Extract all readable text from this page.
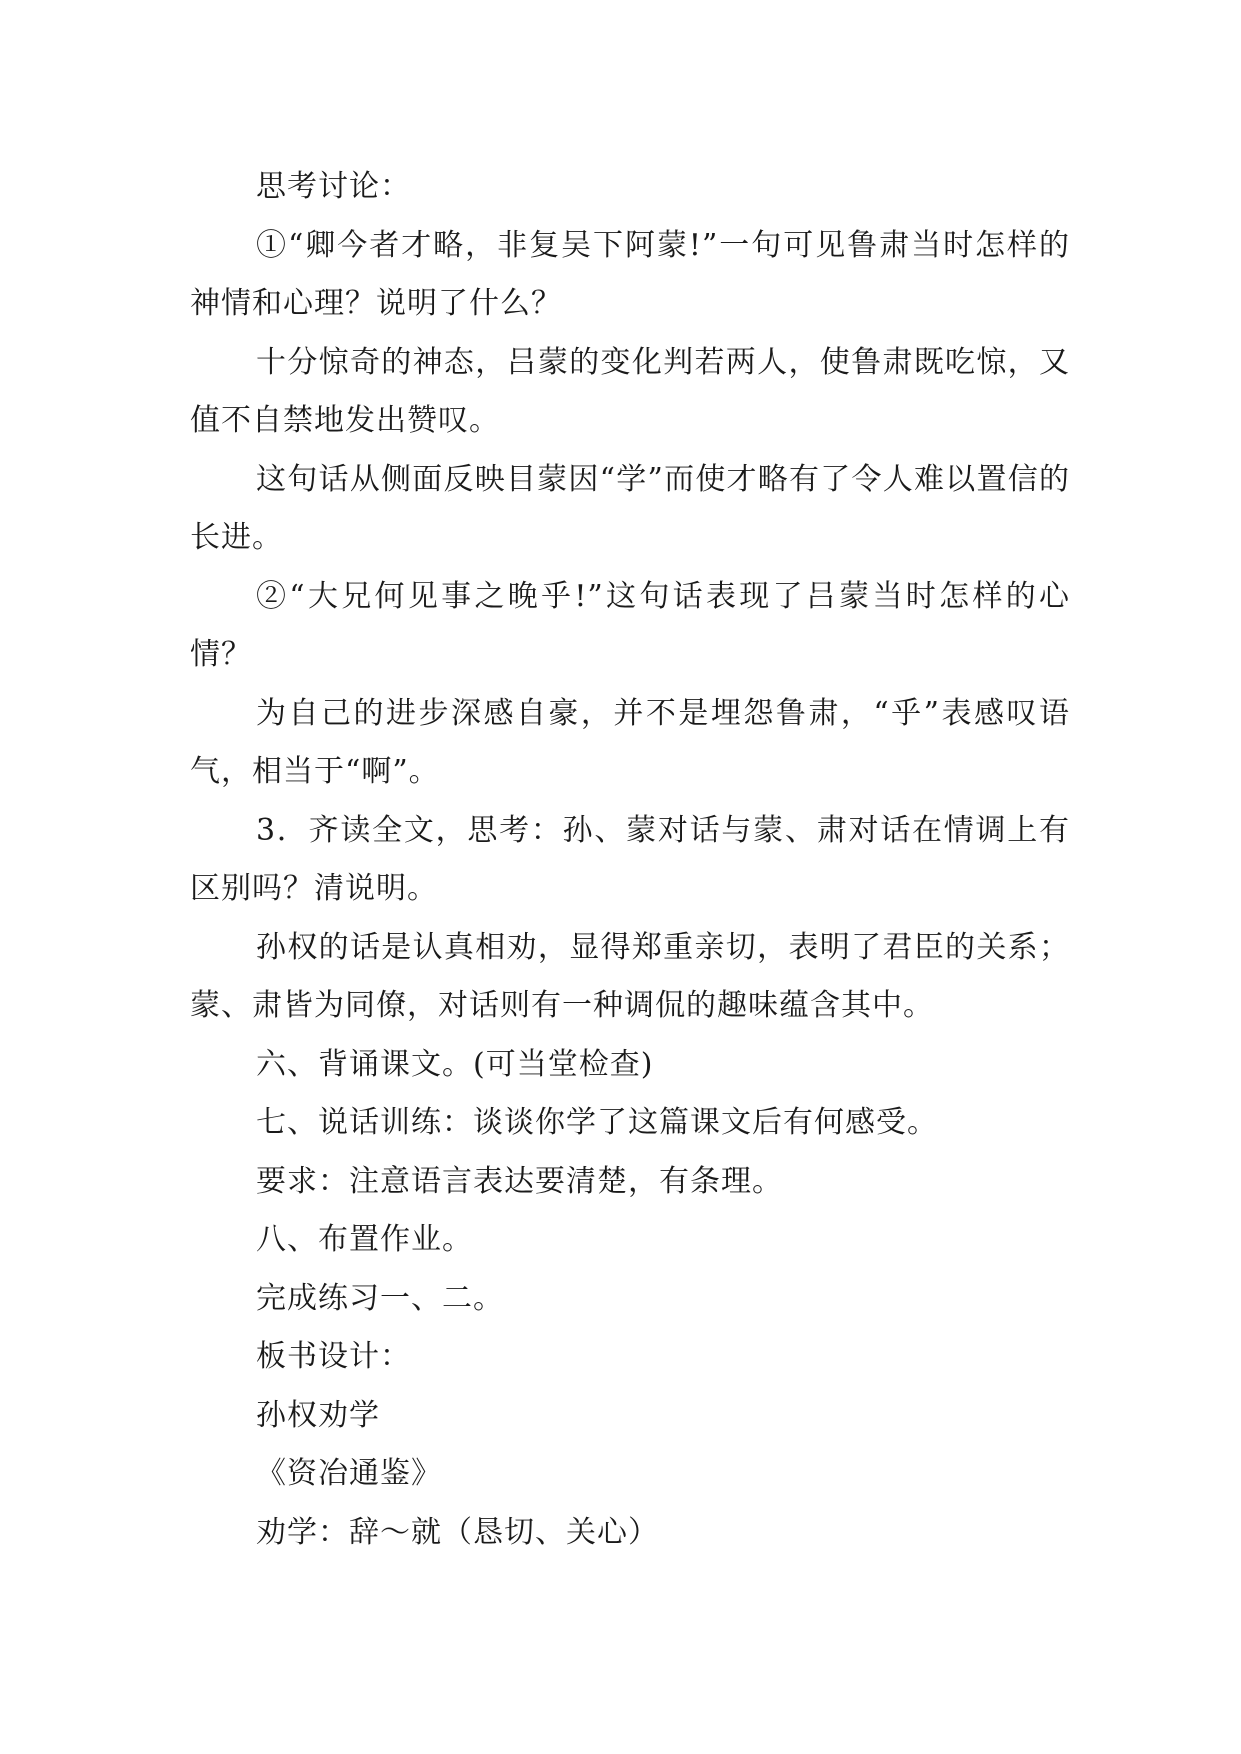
思考讨论：

①“卿今者才略，非复吴下阿蒙!”一句可见鲁肃当时怎样的神情和心理？说明了什么？

十分惊奇的神态，吕蒙的变化判若两人，使鲁肃既吃惊，又值不自禁地发出赞叹。

这句话从侧面反映目蒙因“学”而使才略有了令人难以置信的长进。

②“大兄何见事之晚乎!”这句话表现了吕蒙当时怎样的心情？

为自己的进步深感自豪，并不是埋怨鲁肃，“乎”表感叹语气，相当于“啊”。

3．齐读全文，思考：孙、蒙对话与蒙、肃对话在情调上有区别吗？清说明。

孙权的话是认真相劝，显得郑重亲切，表明了君臣的关系；蒙、肃皆为同僚，对话则有一种调侃的趣味蕴含其中。

六、背诵课文。(可当堂检查)

七、说话训练：谈谈你学了这篇课文后有何感受。

要求：注意语言表达要清楚，有条理。

八、布置作业。

完成练习一、二。

板书设计：

孙权劝学

《资冶通鉴》

劝学：辞～就（恳切、关心）
